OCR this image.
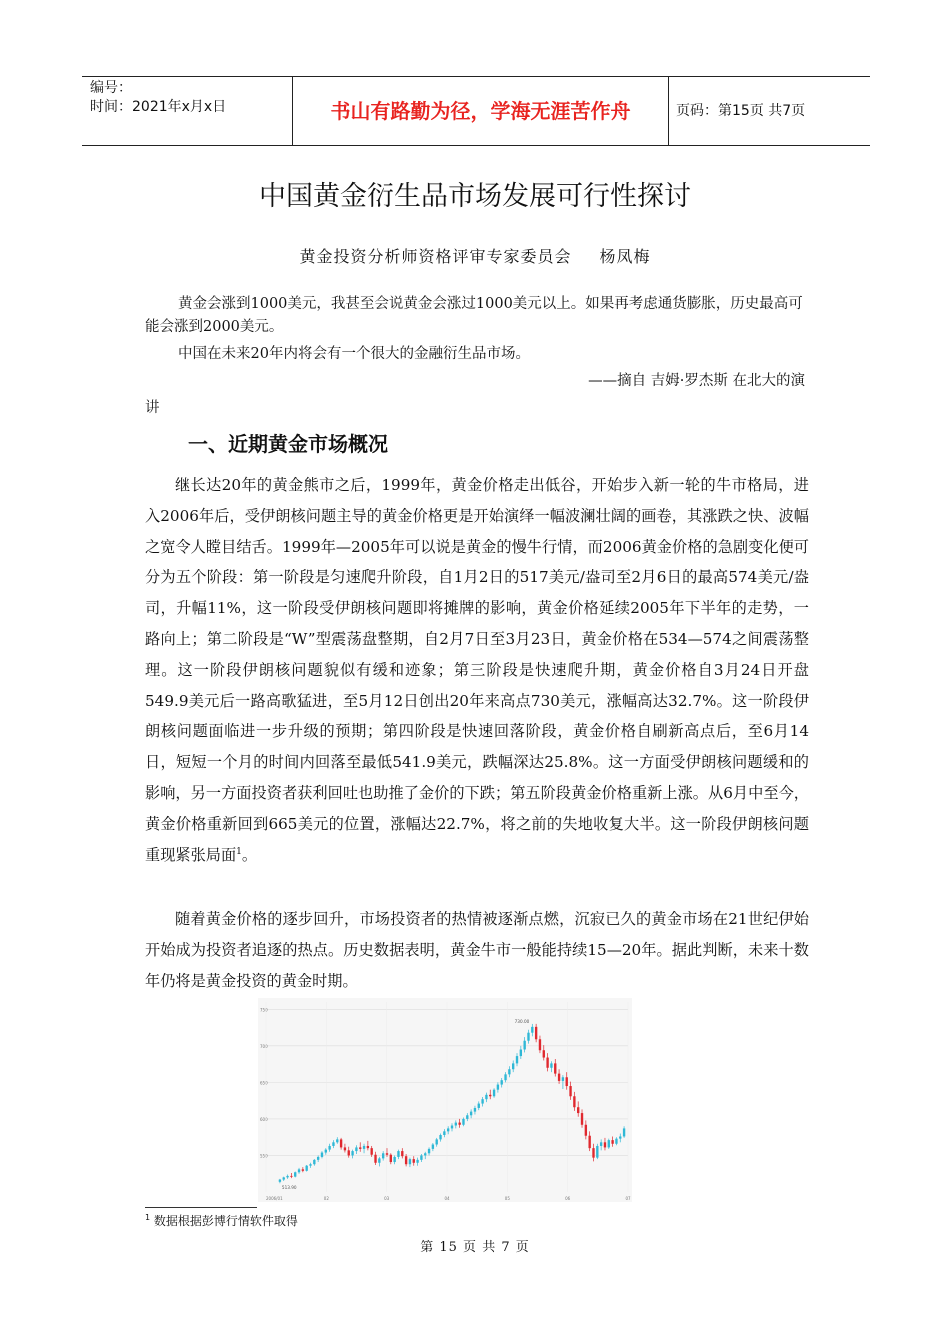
编号：
时间：2021年x月x日	书山有路勤为径，学海无涯苦作舟	页码：第15页 共7页
中国黄金衍生品市场发展可行性探讨
黄金投资分析师资格评审专家委员会 杨凤梅
黄金会涨到1000美元，我甚至会说黄金会涨过1000美元以上。如果再考虑通货膨胀，历史最高可能会涨到2000美元。
中国在未来20年内将会有一个很大的金融衍生品市场。
——摘自 吉姆·罗杰斯 在北大的演
讲
一、近期黄金市场概况

继长达20年的黄金熊市之后，1999年，黄金价格走出低谷，开始步入新一轮的牛市格局，进入2006年后，受伊朗核问题主导的黄金价格更是开始演绎一幅波澜壮阔的画卷，其涨跌之快、波幅之宽令人瞠目结舌。1999年—2005年可以说是黄金的慢牛行情，而2006黄金价格的急剧变化便可分为五个阶段：第一阶段是匀速爬升阶段，自1月2日的517美元/盎司至2月6日的最高574美元/盎司，升幅11%，这一阶段受伊朗核问题即将摊牌的影响，黄金价格延续2005年下半年的走势，一路向上；第二阶段是“W”型震荡盘整期，自2月7日至3月23日，黄金价格在534—574之间震荡整理。这一阶段伊朗核问题貌似有缓和迹象；第三阶段是快速爬升期，黄金价格自3月24日开盘549.9美元后一路高歌猛进，至5月12日创出20年来高点730美元，涨幅高达32.7%。这一阶段伊朗核问题面临进一步升级的预期；第四阶段是快速回落阶段，黄金价格自刷新高点后，至6月14日，短短一个月的时间内回落至最低541.9美元，跌幅深达25.8%。这一方面受伊朗核问题缓和的影响，另一方面投资者获利回吐也助推了金价的下跌；第五阶段黄金价格重新上涨。从6月中至今，黄金价格重新回到665美元的位置，涨幅达22.7%，将之前的失地收复大半。这一阶段伊朗核问题重现紧张局面$^1$。

随着黄金价格的逐步回升，市场投资者的热情被逐渐点燃，沉寂已久的黄金市场在21世纪伊始开始成为投资者追逐的热点。历史数据表明，黄金牛市一般能持续15—20年。据此判断，未来十数年仍将是黄金投资的黄金时期。

750
700
650
600
550
2006/01	02	03	04	05	06	07
730.00
513.90
$^1$ 数据根据彭博行情软件取得
第 15 页 共 7 页
